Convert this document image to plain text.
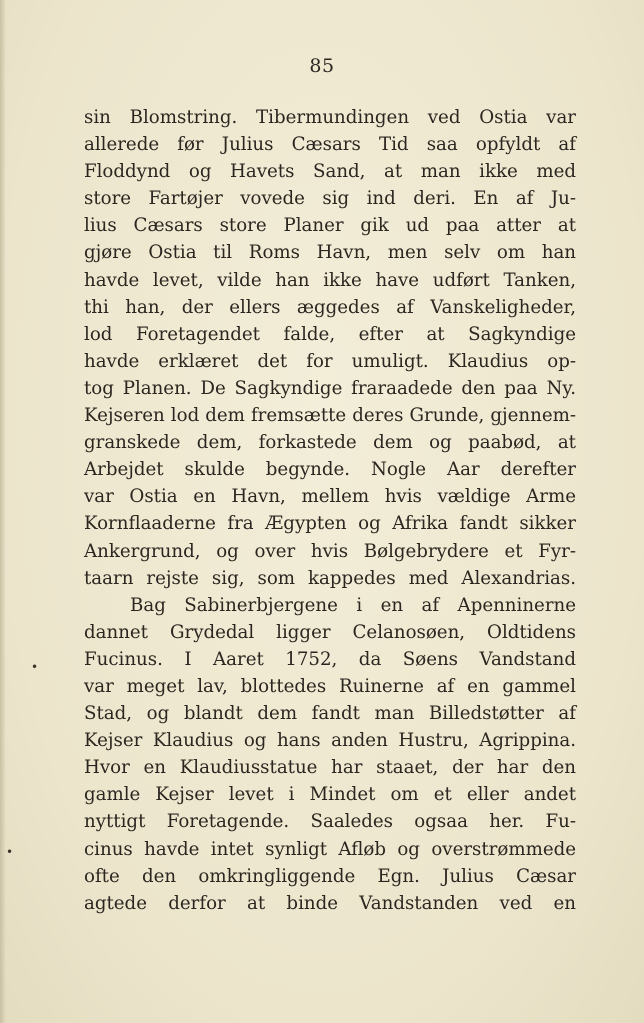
85
sin Blomstring. Tibermundingen ved Ostia var
allerede før Julius Cæsars Tid saa opfyldt af
Floddynd og Havets Sand, at man ikke med
store Fartøjer vovede sig ind deri. En af Ju-
lius Cæsars store Planer gik ud paa atter at
gjøre Ostia til Roms Havn, men selv om han
havde levet, vilde han ikke have udført Tanken,
thi han, der ellers æggedes af Vanskeligheder,
lod Foretagendet falde, efter at Sagkyndige
havde erklæret det for umuligt. Klaudius op-
tog Planen. De Sagkyndige fraraadede den paa Ny.
Kejseren lod dem fremsætte deres Grunde, gjennem-
granskede dem, forkastede dem og paabød, at
Arbejdet skulde begynde. Nogle Aar derefter
var Ostia en Havn, mellem hvis vældige Arme
Kornflaaderne fra Ægypten og Afrika fandt sikker
Ankergrund, og over hvis Bølgebrydere et Fyr-
taarn rejste sig, som kappedes med Alexandrias.
Bag Sabinerbjergene i en af Apenninerne
dannet Grydedal ligger Celanosøen, Oldtidens
Fucinus. I Aaret 1752, da Søens Vandstand
var meget lav, blottedes Ruinerne af en gammel
Stad, og blandt dem fandt man Billedstøtter af
Kejser Klaudius og hans anden Hustru, Agrippina.
Hvor en Klaudiusstatue har staaet, der har den
gamle Kejser levet i Mindet om et eller andet
nyttigt Foretagende. Saaledes ogsaa her. Fu-
cinus havde intet synligt Afløb og overstrømmede
ofte den omkringliggende Egn. Julius Cæsar
agtede derfor at binde Vandstanden ved en
•
•
